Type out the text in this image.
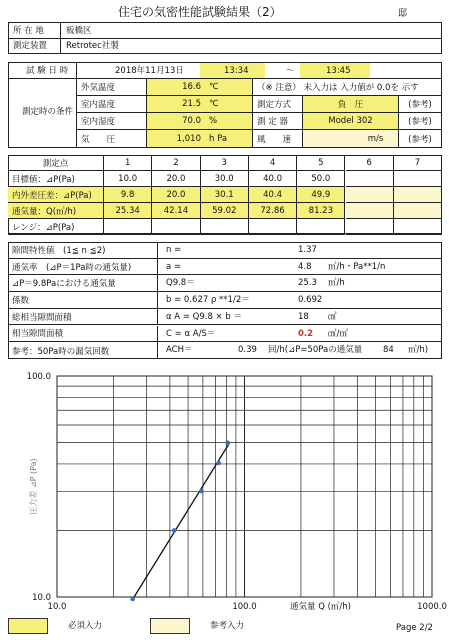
住宅の気密性能試験結果（2）	邸
所 在 地	板橋区
測定装置 Retrotec社製
試 験 日 時	2018年11月13日	13:34	〜	13:45
測定時の条件
外気温度	16.6 ℃	（※ 注意） 未入力は 入力値が 0.0を 示す
室内温度	21.5 ℃	測定方式	負　圧	(参考)
室内湿度	70.0 %	測 定 器	Model 302	(参考)
気　　圧	1,010 h Pa	風　　速	m/s	(参考)
測定点	1	2	3	4	5	6	7
目標値：⊿P(Pa)	10.0	20.0	30.0	40.0	50.0
内外差圧差：⊿P(Pa)	9.8	20.0	30.1	40.4	49.9
通気量：Q(㎥/h)	25.34	42.14	59.02	72.86	81.23
レンジ：⊿P(Pa)
隙間特性値　(1≦ n ≦2)	n =	1.37
通気率　(⊿P＝1Pa時の通気量)	a =	4.8 ㎥/h・Pa**1/n
⊿P＝9.8Paにおける通気量	Q9.8＝	25.3 ㎥/h
係数	b = 0.627 ρ **1/2＝	0.692
総相当隙間面積	α A = Q9.8 × b ＝	18 ㎠
相当隙間面積	C = α A/S＝	0.2 ㎠/㎡
参考：50Pa時の漏気回数	ACH＝	0.39 回/h(⊿P=50Paの通気量 84 ㎥/h)
10.0	100.0	1000.0
10.0
100.0
通気量 Q (㎥/h)
圧力差 ⊿P (Pa)
必須入力	参考入力	Page 2/2
